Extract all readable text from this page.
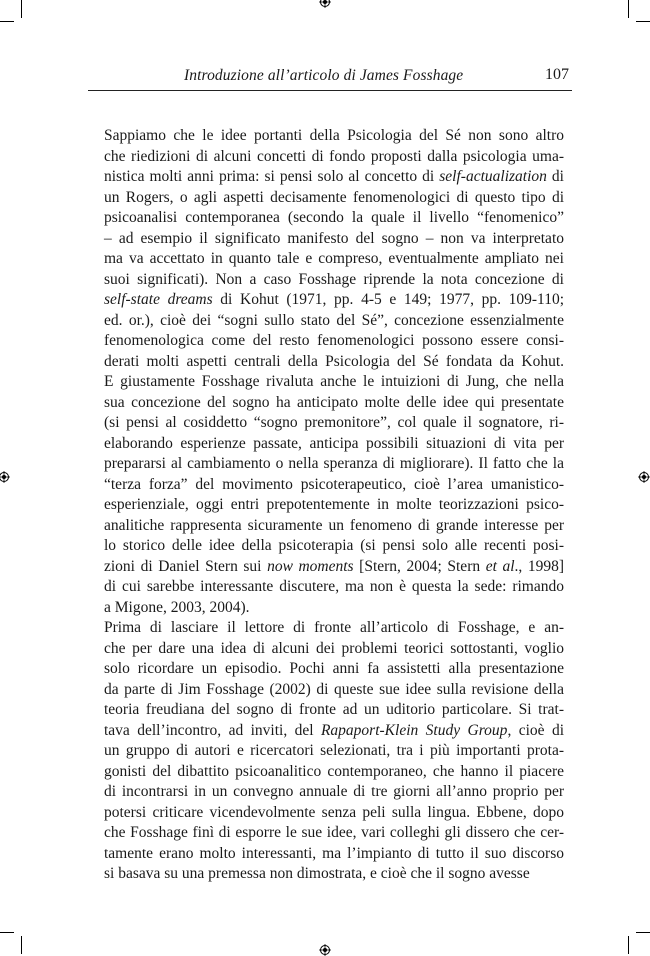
Introduzione all’articolo di James Fosshage	107

Sappiamo che le idee portanti della Psicologia del Sé non sono altro
che riedizioni di alcuni concetti di fondo proposti dalla psicologia uma-
nistica molti anni prima: si pensi solo al concetto di self-actualization di
un Rogers, o agli aspetti decisamente fenomenologici di questo tipo di
psicoanalisi contemporanea (secondo la quale il livello “fenomenico”
– ad esempio il significato manifesto del sogno – non va interpretato
ma va accettato in quanto tale e compreso, eventualmente ampliato nei
suoi significati). Non a caso Fosshage riprende la nota concezione di
self-state dreams di Kohut (1971, pp. 4-5 e 149; 1977, pp. 109-110;
ed. or.), cioè dei “sogni sullo stato del Sé”, concezione essenzialmente
fenomenologica come del resto fenomenologici possono essere consi-
derati molti aspetti centrali della Psicologia del Sé fondata da Kohut.
E giustamente Fosshage rivaluta anche le intuizioni di Jung, che nella
sua concezione del sogno ha anticipato molte delle idee qui presentate
(si pensi al cosiddetto “sogno premonitore”, col quale il sognatore, ri-
elaborando esperienze passate, anticipa possibili situazioni di vita per
prepararsi al cambiamento o nella speranza di migliorare). Il fatto che la
“terza forza” del movimento psicoterapeutico, cioè l’area umanistico-
esperienziale, oggi entri prepotentemente in molte teorizzazioni psico-
analitiche rappresenta sicuramente un fenomeno di grande interesse per
lo storico delle idee della psicoterapia (si pensi solo alle recenti posi-
zioni di Daniel Stern sui now moments [Stern, 2004; Stern et al., 1998]
di cui sarebbe interessante discutere, ma non è questa la sede: rimando
a Migone, 2003, 2004).

Prima di lasciare il lettore di fronte all’articolo di Fosshage, e an-
che per dare una idea di alcuni dei problemi teorici sottostanti, voglio
solo ricordare un episodio. Pochi anni fa assistetti alla presentazione
da parte di Jim Fosshage (2002) di queste sue idee sulla revisione della
teoria freudiana del sogno di fronte ad un uditorio particolare. Si trat-
tava dell’incontro, ad inviti, del Rapaport-Klein Study Group, cioè di
un gruppo di autori e ricercatori selezionati, tra i più importanti prota-
gonisti del dibattito psicoanalitico contemporaneo, che hanno il piacere
di incontrarsi in un convegno annuale di tre giorni all’anno proprio per
potersi criticare vicendevolmente senza peli sulla lingua. Ebbene, dopo
che Fosshage finì di esporre le sue idee, vari colleghi gli dissero che cer-
tamente erano molto interessanti, ma l’impianto di tutto il suo discorso
si basava su una premessa non dimostrata, e cioè che il sogno avesse
